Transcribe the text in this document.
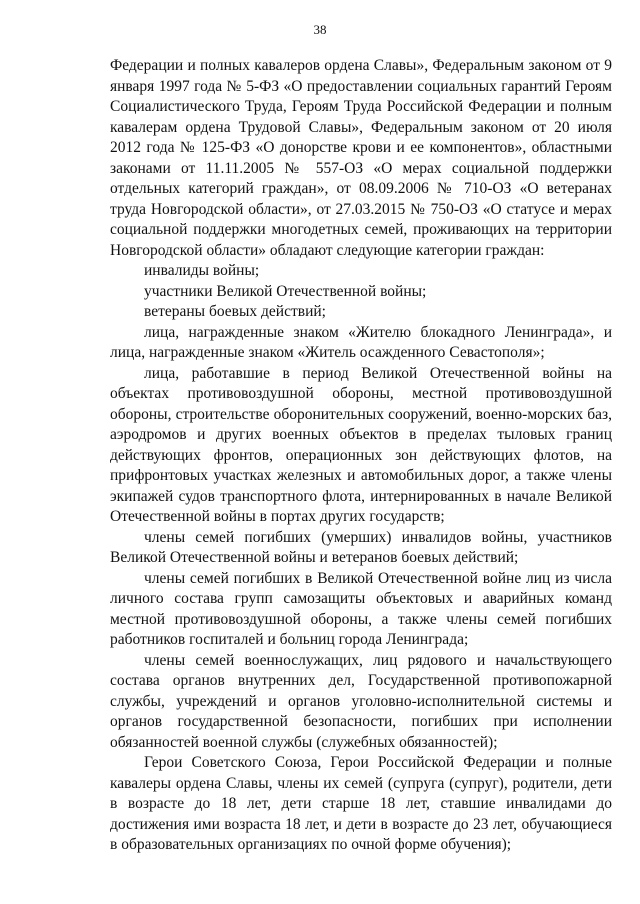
38

Федерации и полных кавалеров ордена Славы», Федеральным законом от 9 января 1997 года № 5-ФЗ «О предоставлении социальных гарантий Героям Социалистического Труда, Героям Труда Российской Федерации и полным кавалерам ордена Трудовой Славы», Федеральным законом от 20 июля 2012 года № 125-ФЗ «О донорстве крови и ее компонентов», областными законами от 11.11.2005 № 557-ОЗ «О мерах социальной поддержки отдельных категорий граждан», от 08.09.2006 № 710-ОЗ «О ветеранах труда Новгородской области», от 27.03.2015 № 750-ОЗ «О статусе и мерах социальной поддержки многодетных семей, проживающих на территории Новгородской области» обладают следующие категории граждан:

инвалиды войны;

участники Великой Отечественной войны;

ветераны боевых действий;

лица, награжденные знаком «Жителю блокадного Ленинграда», и лица, награжденные знаком «Житель осажденного Севастополя»;

лица, работавшие в период Великой Отечественной войны на объектах противовоздушной обороны, местной противовоздушной обороны, строительстве оборонительных сооружений, военно-морских баз, аэродромов и других военных объектов в пределах тыловых границ действующих фронтов, операционных зон действующих флотов, на прифронтовых участках железных и автомобильных дорог, а также члены экипажей судов транспортного флота, интернированных в начале Великой Отечественной войны в портах других государств;

члены семей погибших (умерших) инвалидов войны, участников Великой Отечественной войны и ветеранов боевых действий;

члены семей погибших в Великой Отечественной войне лиц из числа личного состава групп самозащиты объектовых и аварийных команд местной противовоздушной обороны, а также члены семей погибших работников госпиталей и больниц города Ленинграда;

члены семей военнослужащих, лиц рядового и начальствующего состава органов внутренних дел, Государственной противопожарной службы, учреждений и органов уголовно-исполнительной системы и органов государственной безопасности, погибших при исполнении обязанностей военной службы (служебных обязанностей);

Герои Советского Союза, Герои Российской Федерации и полные кавалеры ордена Славы, члены их семей (супруга (супруг), родители, дети в возрасте до 18 лет, дети старше 18 лет, ставшие инвалидами до достижения ими возраста 18 лет, и дети в возрасте до 23 лет, обучающиеся в образовательных организациях по очной форме обучения);
